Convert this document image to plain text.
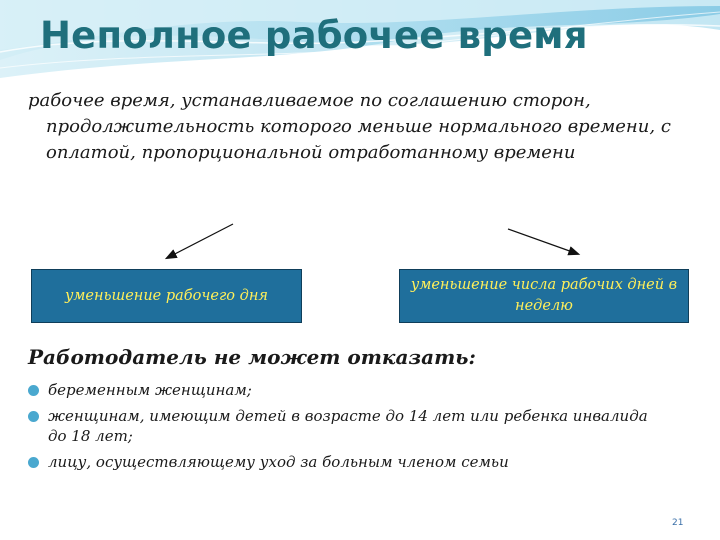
Неполное рабочее время
рабочее время, устанавливаемое по соглашению сторон, продолжительность которого меньше нормального времени, с оплатой, пропорциональной отработанному времени
уменьшение рабочего дня
уменьшение числа рабочих дней в неделю
Работодатель не может отказать:
беременным женщинам;
женщинам, имеющим детей в возрасте до 14 лет или ребенка инвалида до 18 лет;
лицу, осуществляющему уход за больным членом семьи
21
